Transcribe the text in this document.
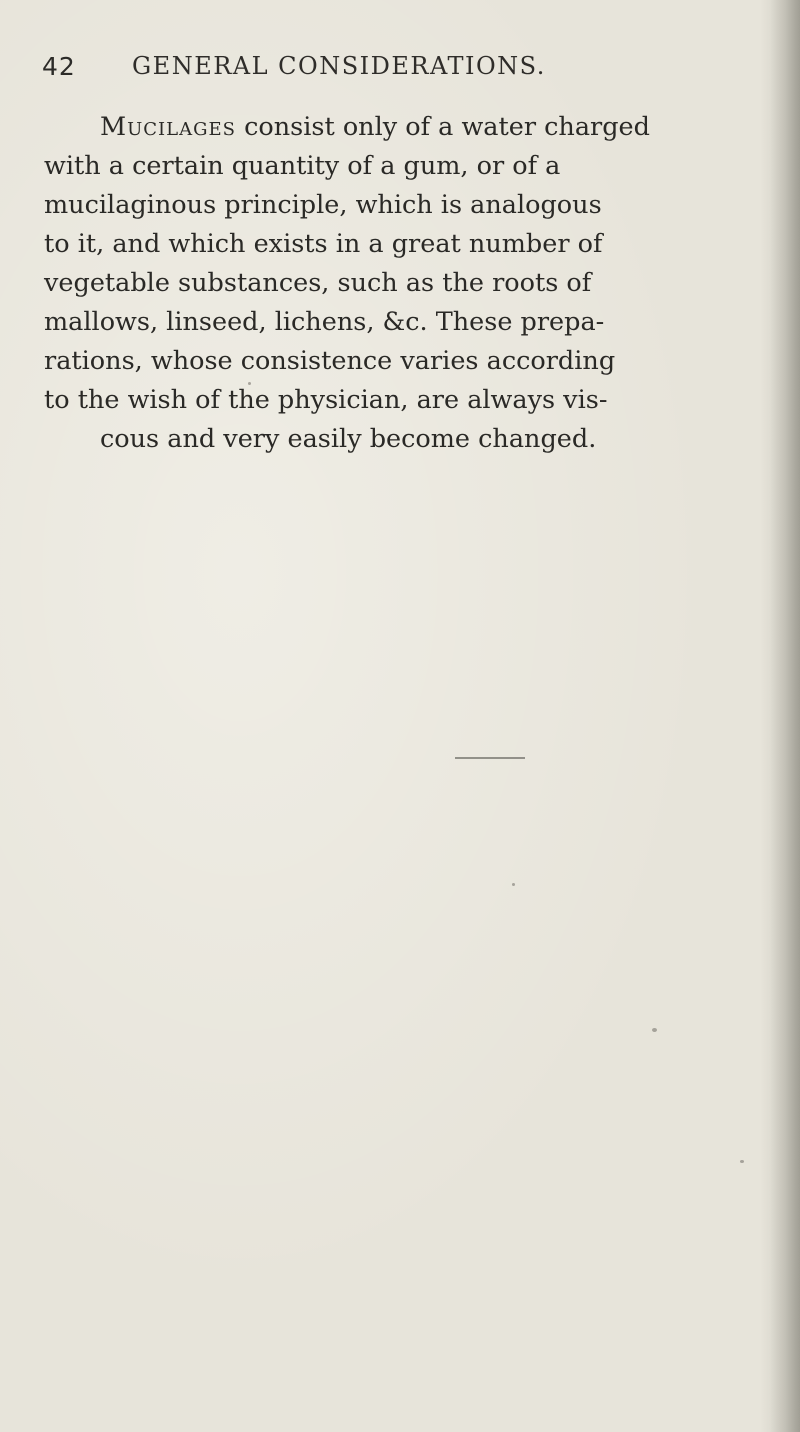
42 GENERAL CONSIDERATIONS.
Mucilages consist only of a water charged
with a certain quantity of a gum, or of a
mucilaginous principle, which is analogous
to it, and which exists in a great number of
vegetable substances, such as the roots of
mallows, linseed, lichens, &c. These prepa-
rations, whose consistence varies according
to the wish of the physician, are always vis-
cous and very easily become changed.
